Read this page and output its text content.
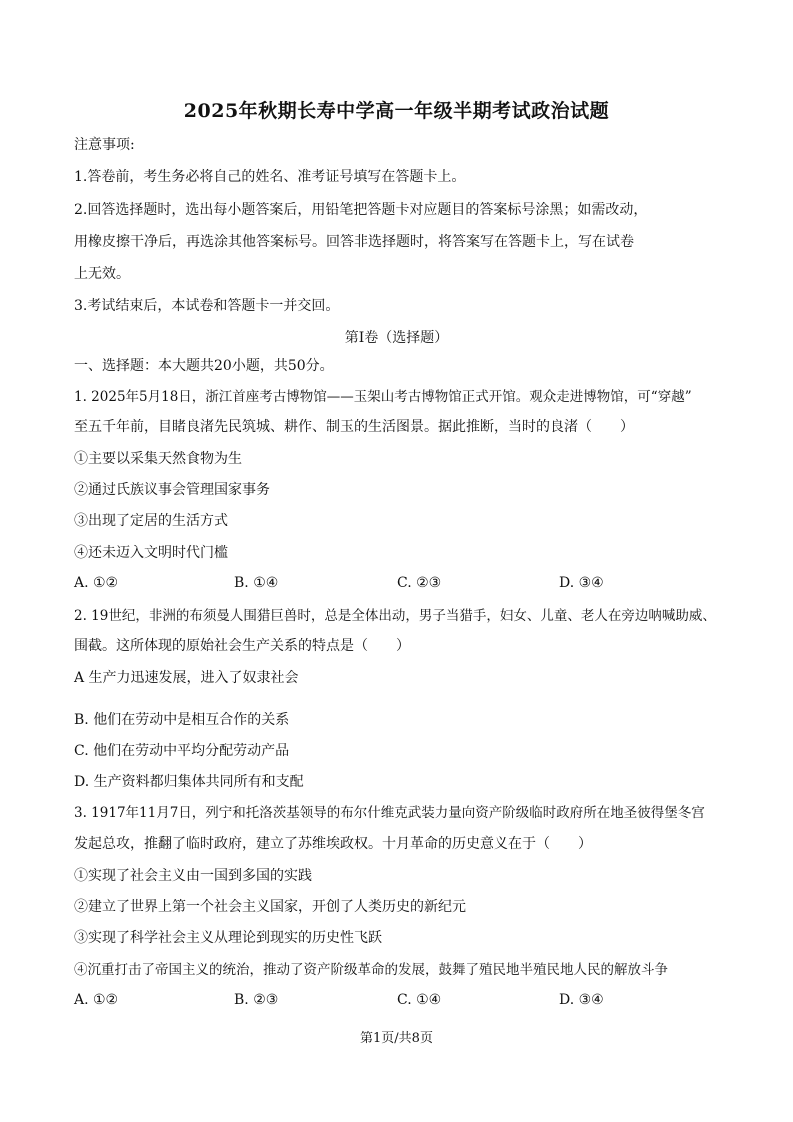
2025年秋期长寿中学高一年级半期考试政治试题
注意事项:
1.答卷前，考生务必将自己的姓名、准考证号填写在答题卡上。
2.回答选择题时，选出每小题答案后，用铅笔把答题卡对应题目的答案标号涂黑；如需改动，
用橡皮擦干净后，再选涂其他答案标号。回答非选择题时，将答案写在答题卡上，写在试卷
上无效。
3.考试结束后，本试卷和答题卡一并交回。
第Ⅰ卷（选择题）
一、选择题：本大题共20小题，共50分。
1. 2025年5月18日，浙江首座考古博物馆——玉架山考古博物馆正式开馆。观众走进博物馆，可“穿越”
至五千年前，目睹良渚先民筑城、耕作、制玉的生活图景。据此推断，当时的良渚（　　）
①主要以采集天然食物为生
②通过氏族议事会管理国家事务
③出现了定居的生活方式
④还未迈入文明时代门槛
A. ①②	B. ①④	C. ②③	D. ③④
2. 19世纪，非洲的布须曼人围猎巨兽时，总是全体出动，男子当猎手，妇女、儿童、老人在旁边呐喊助威、
围截。这所体现的原始社会生产关系的特点是（　　）
A 生产力迅速发展，进入了奴隶社会
B. 他们在劳动中是相互合作的关系
C. 他们在劳动中平均分配劳动产品
D. 生产资料都归集体共同所有和支配
3. 1917年11月7日，列宁和托洛茨基领导的布尔什维克武装力量向资产阶级临时政府所在地圣彼得堡冬宫
发起总攻，推翻了临时政府，建立了苏维埃政权。十月革命的历史意义在于（　　）
①实现了社会主义由一国到多国的实践
②建立了世界上第一个社会主义国家，开创了人类历史的新纪元
③实现了科学社会主义从理论到现实的历史性飞跃
④沉重打击了帝国主义的统治，推动了资产阶级革命的发展，鼓舞了殖民地半殖民地人民的解放斗争
A. ①②	B. ②③	C. ①④	D. ③④
第1页/共8页
